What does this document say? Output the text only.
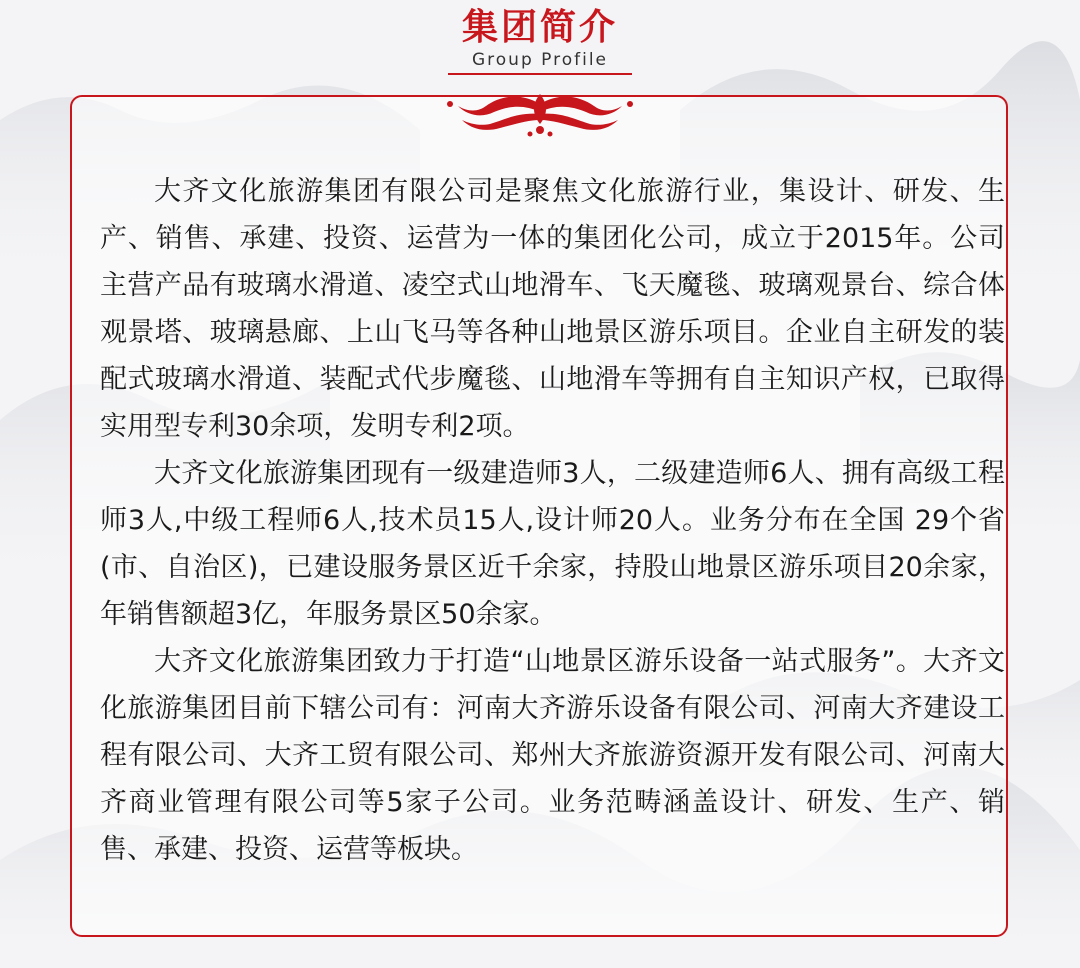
集团简介
Group Profile

大齐文化旅游集团有限公司是聚焦文化旅游行业，集设计、研发、生产、销售、承建、投资、运营为一体的集团化公司，成立于2015年。公司主营产品有玻璃水滑道、凌空式山地滑车、飞天魔毯、玻璃观景台、综合体观景塔、玻璃悬廊、上山飞马等各种山地景区游乐项目。企业自主研发的装配式玻璃水滑道、装配式代步魔毯、山地滑车等拥有自主知识产权，已取得实用型专利30余项，发明专利2项。

大齐文化旅游集团现有一级建造师3人，二级建造师6人、拥有高级工程师3人,中级工程师6人,技术员15人,设计师20人。业务分布在全国 29个省(市、自治区)，已建设服务景区近千余家，持股山地景区游乐项目20余家，年销售额超3亿，年服务景区50余家。

大齐文化旅游集团致力于打造“山地景区游乐设备一站式服务”。大齐文化旅游集团目前下辖公司有：河南大齐游乐设备有限公司、河南大齐建设工程有限公司、大齐工贸有限公司、郑州大齐旅游资源开发有限公司、河南大齐商业管理有限公司等5家子公司。业务范畴涵盖设计、研发、生产、销售、承建、投资、运营等板块。
